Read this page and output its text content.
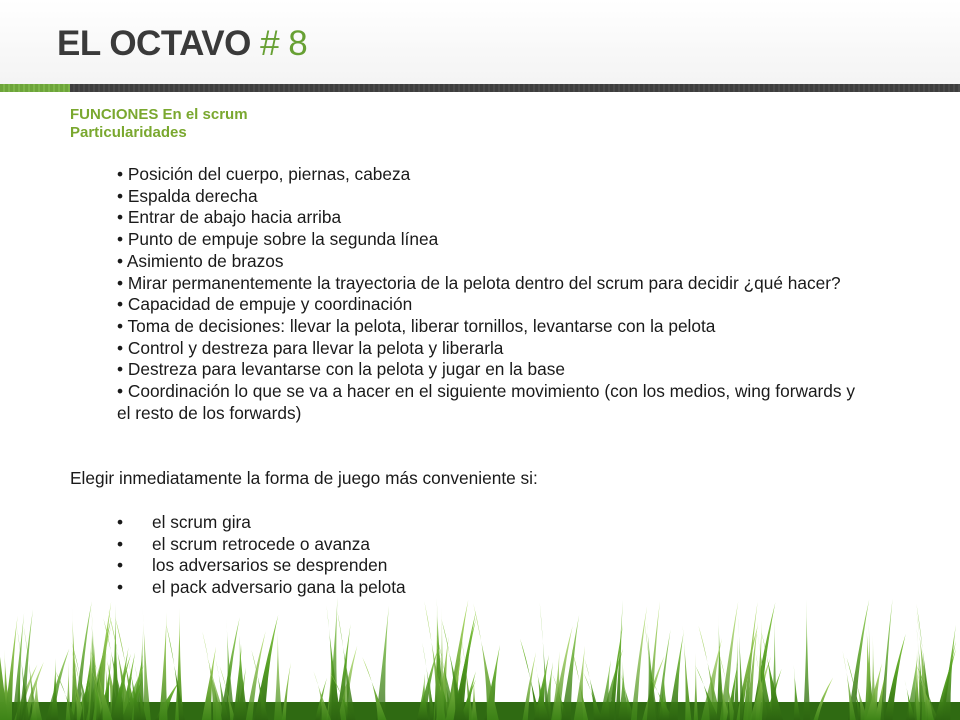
EL OCTAVO # 8
FUNCIONES En el scrum
Particularidades
• Posición del cuerpo, piernas, cabeza
• Espalda derecha
• Entrar de abajo hacia arriba
• Punto de empuje sobre la segunda línea
• Asimiento de brazos
• Mirar permanentemente la trayectoria de la pelota dentro del scrum para decidir ¿qué hacer?
• Capacidad de empuje y coordinación
• Toma de decisiones: llevar la pelota, liberar tornillos, levantarse con la pelota
• Control y destreza para llevar la pelota y liberarla
• Destreza para levantarse con la pelota y jugar en la base
• Coordinación lo que se va a hacer en el siguiente movimiento (con los medios, wing forwards y el resto de los forwards)
Elegir inmediatamente la forma de juego más conveniente si:
• el scrum gira
• el scrum retrocede o avanza
• los adversarios se desprenden
• el pack adversario gana la pelota
